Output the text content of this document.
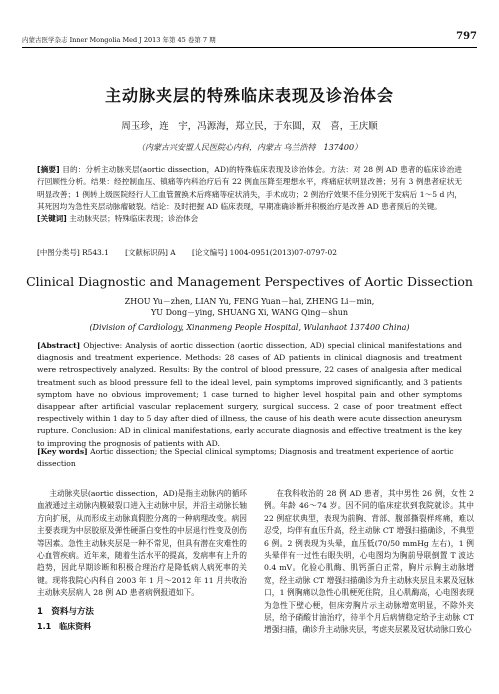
内蒙古医学杂志 Inner Mongolia Med J 2013 年第 45 卷第 7 期	797
主动脉夹层的特殊临床表现及诊治体会
周玉珍，连　宇，冯源海，郑立民，于东圆，双　喜，王庆顺
（内蒙古兴安盟人民医院心内科，内蒙古 乌兰浩特　137400）
[摘要] 目的：分析主动脉夹层(aortic dissection，AD)的特殊临床表现及诊治体会。方法：对 28 例 AD 患者的临床诊治进行回顾性分析。结果：经控制血压、镇痛等内科治疗后有 22 例血压降至理想水平，疼痛症状明显改善；另有 3 例患者症状无明显改善；1 例转上级医院经行人工血管置换术后疼痛等症状消失，手术成功；2 例治疗效果不佳分别死于发病后 1～5 d 内，其死因均为急性夹层动脉瘤破裂。结论：及时把握 AD 临床表现，早期准确诊断并积极治疗是改善 AD 患者预后的关键。
[关键词] 主动脉夹层；特殊临床表现；诊治体会
[中图分类号] R543.1 [文献标识码] A [论文编号] 1004-0951(2013)07-0797-02
Clinical Diagnostic and Management Perspectives of Aortic Dissection
ZHOU Yu－zhen, LIAN Yu, FENG Yuan－hai, ZHENG Li－min,
YU Dong－ying, SHUANG Xi, WANG Qing－shun
(Division of Cardiology, Xinanmeng People Hospital, Wulanhaot 137400 China)
[Abstract] Objective: Analysis of aortic dissection (aortic dissection, AD) special clinical manifestations and diagnosis and treatment experience. Methods: 28 cases of AD patients in clinical diagnosis and treatment were retrospectively analyzed. Results: By the control of blood pressure, 22 cases of analgesia after medical treatment such as blood pressure fell to the ideal level, pain symptoms improved significantly, and 3 patients symptom have no obvious improvement; 1 case turned to higher level hospital pain and other symptoms disappear after artificial vascular replacement surgery, surgical success. 2 case of poor treatment effect respectively within 1 day to 5 day after died of illness, the cause of his death were acute dissection aneurysm rupture. Conclusion: AD in clinical manifestations, early accurate diagnosis and effective treatment is the key to improving the prognosis of patients with AD.
[Key words] Aortic dissection; the Special clinical symptoms; Diagnosis and treatment experience of aortic dissection

主动脉夹层(aortic dissection，AD)是指主动脉内的循环血液通过主动脉内膜破裂口进入主动脉中层，并沿主动脉长轴方向扩展，从而形成主动脉真假腔分离的一种病理改变。病因主要表现为中层胶原及弹性硬蛋白变性的中层退行性变及创伤等因素。急性主动脉夹层是一种不常见，但具有潜在灾难性的心血管疾病。近年来，随着生活水平的提高，发病率有上升的趋势，因此早期诊断和积极合理治疗是降低病人病死率的关键。现将我院心内科自 2003 年 1 月～2012 年 11 月共收治主动脉夹层病人 28 例 AD 患者病例报道如下。

1　资料与方法
1.1　临床资料

在我科收治的 28 例 AD 患者，其中男性 26 例，女性 2 例。年龄 46～74 岁。因不同的临床症状到我院就诊。其中 22 例症状典型，表现为前胸、背部、腹部撕裂样疼痛，难以忍受，均伴有血压升高，经主动脉 CT 增强扫描确诊，不典型 6 例。2 例表现为头晕，血压低(70/50 mmHg 左右)，1 例头晕伴有一过性右眼失明，心电图均为胸前导联倒置 T 波达 0.4 mV。化验心肌酶、肌钙蛋白正常，胸片示胸主动脉增宽，经主动脉 CT 增强扫描确诊为升主动脉夹层且未累及冠脉口，1 例胸痛以急性心肌梗死住院，且心肌酶高，心电图表现为急性下壁心梗，但床旁胸片示主动脉增宽明显，不除外夹层，给予硝酸甘油治疗，待半个月后病情稳定给予主动脉 CT 增强扫描，确诊升主动脉夹层，考虑夹层累及冠状动脉口致心
